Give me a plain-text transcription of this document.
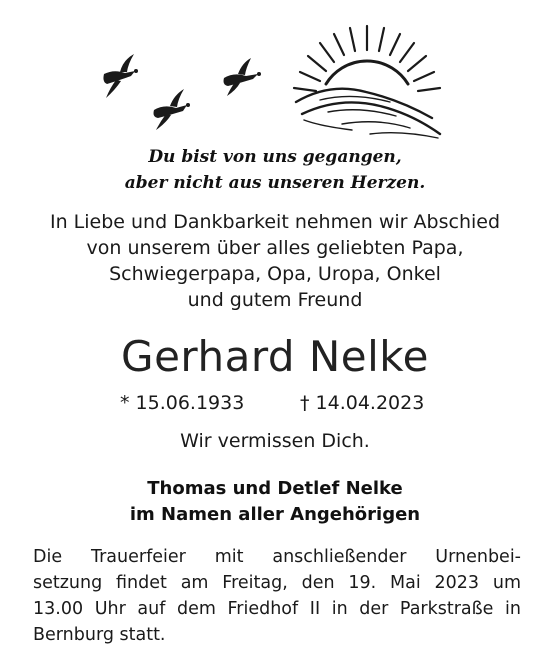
Du bist von uns gegangen,
aber nicht aus unseren Herzen.
In Liebe und Dankbarkeit nehmen wir Abschied
von unserem über alles geliebten Papa,
Schwiegerpapa, Opa, Uropa, Onkel
und gutem Freund
Gerhard Nelke
* 15.06.1933	† 14.04.2023
Wir vermissen Dich.
Thomas und Detlef Nelke
im Namen aller Angehörigen
Die Trauerfeier mit anschließender Urnenbei-
setzung findet am Freitag, den 19. Mai 2023 um
13.00 Uhr auf dem Friedhof II in der Parkstraße in
Bernburg statt.
